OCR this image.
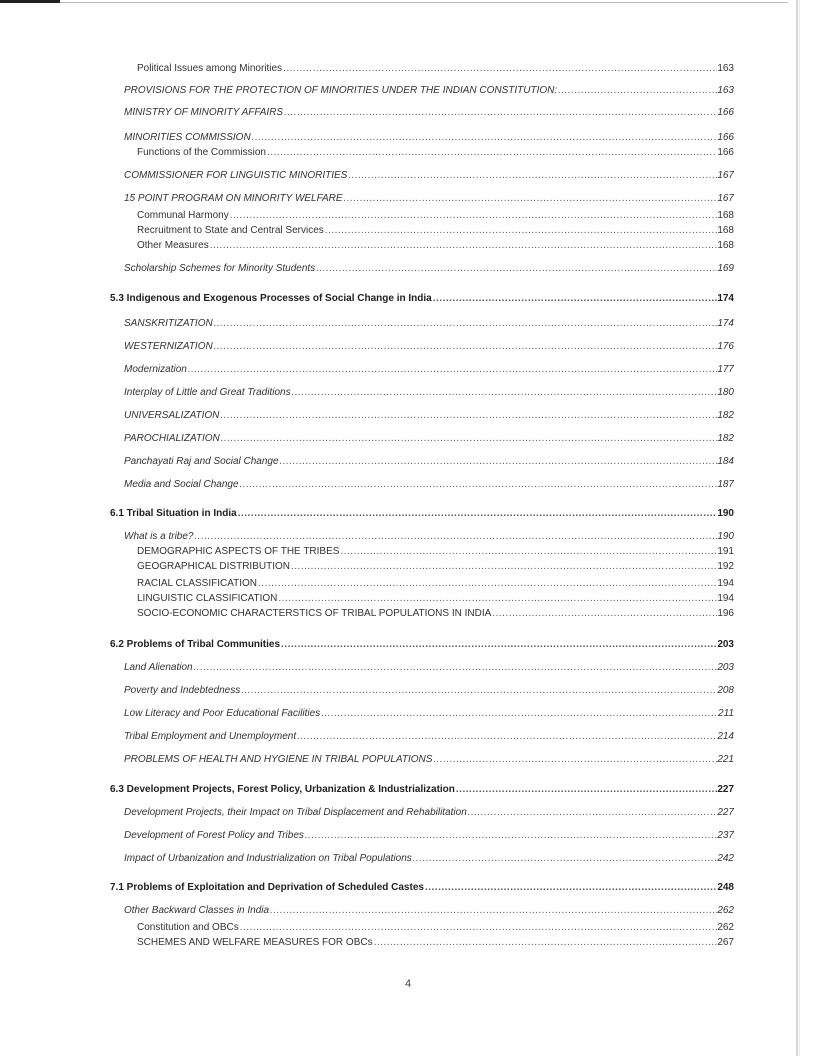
Political Issues among Minorities .....	163
PROVISIONS FOR THE PROTECTION OF MINORITIES UNDER THE INDIAN CONSTITUTION: .....	163
MINISTRY OF MINORITY AFFAIRS .....	166
MINORITIES COMMISSION .....	166
Functions of the Commission .....	166
COMMISSIONER FOR LINGUISTIC MINORITIES .....	167
15 POINT PROGRAM ON MINORITY WELFARE .....	167
Communal Harmony .....	168
Recruitment to State and Central Services .....	168
Other Measures .....	168
Scholarship Schemes for Minority Students .....	169
5.3 Indigenous and Exogenous Processes of Social Change in India .....	174
SANSKRITIZATION .....	174
WESTERNIZATION .....	176
Modernization .....	177
Interplay of Little and Great Traditions .....	180
UNIVERSALIZATION .....	182
PAROCHIALIZATION .....	182
Panchayati Raj and Social Change .....	184
Media and Social Change .....	187
6.1 Tribal Situation in India .....	190
What is a tribe? .....	190
DEMOGRAPHIC ASPECTS OF THE TRIBES .....	191
GEOGRAPHICAL DISTRIBUTION .....	192
RACIAL CLASSIFICATION .....	194
LINGUISTIC CLASSIFICATION .....	194
SOCIO-ECONOMIC CHARACTERSTICS OF TRIBAL POPULATIONS IN INDIA .....	196
6.2 Problems of Tribal Communities .....	203
Land Alienation .....	203
Poverty and Indebtedness .....	208
Low Literacy and Poor Educational Facilities .....	211
Tribal Employment and Unemployment .....	214
PROBLEMS OF HEALTH AND HYGIENE IN TRIBAL POPULATIONS .....	221
6.3 Development Projects, Forest Policy, Urbanization & Industrialization .....	227
Development Projects, their Impact on Tribal Displacement and Rehabilitation .....	227
Development of Forest Policy and Tribes .....	237
Impact of Urbanization and Industrialization on Tribal Populations .....	242
7.1 Problems of Exploitation and Deprivation of Scheduled Castes .....	248
Other Backward Classes in India .....	262
Constitution and OBCs .....	262
SCHEMES AND WELFARE MEASURES FOR OBCs .....	267
4
